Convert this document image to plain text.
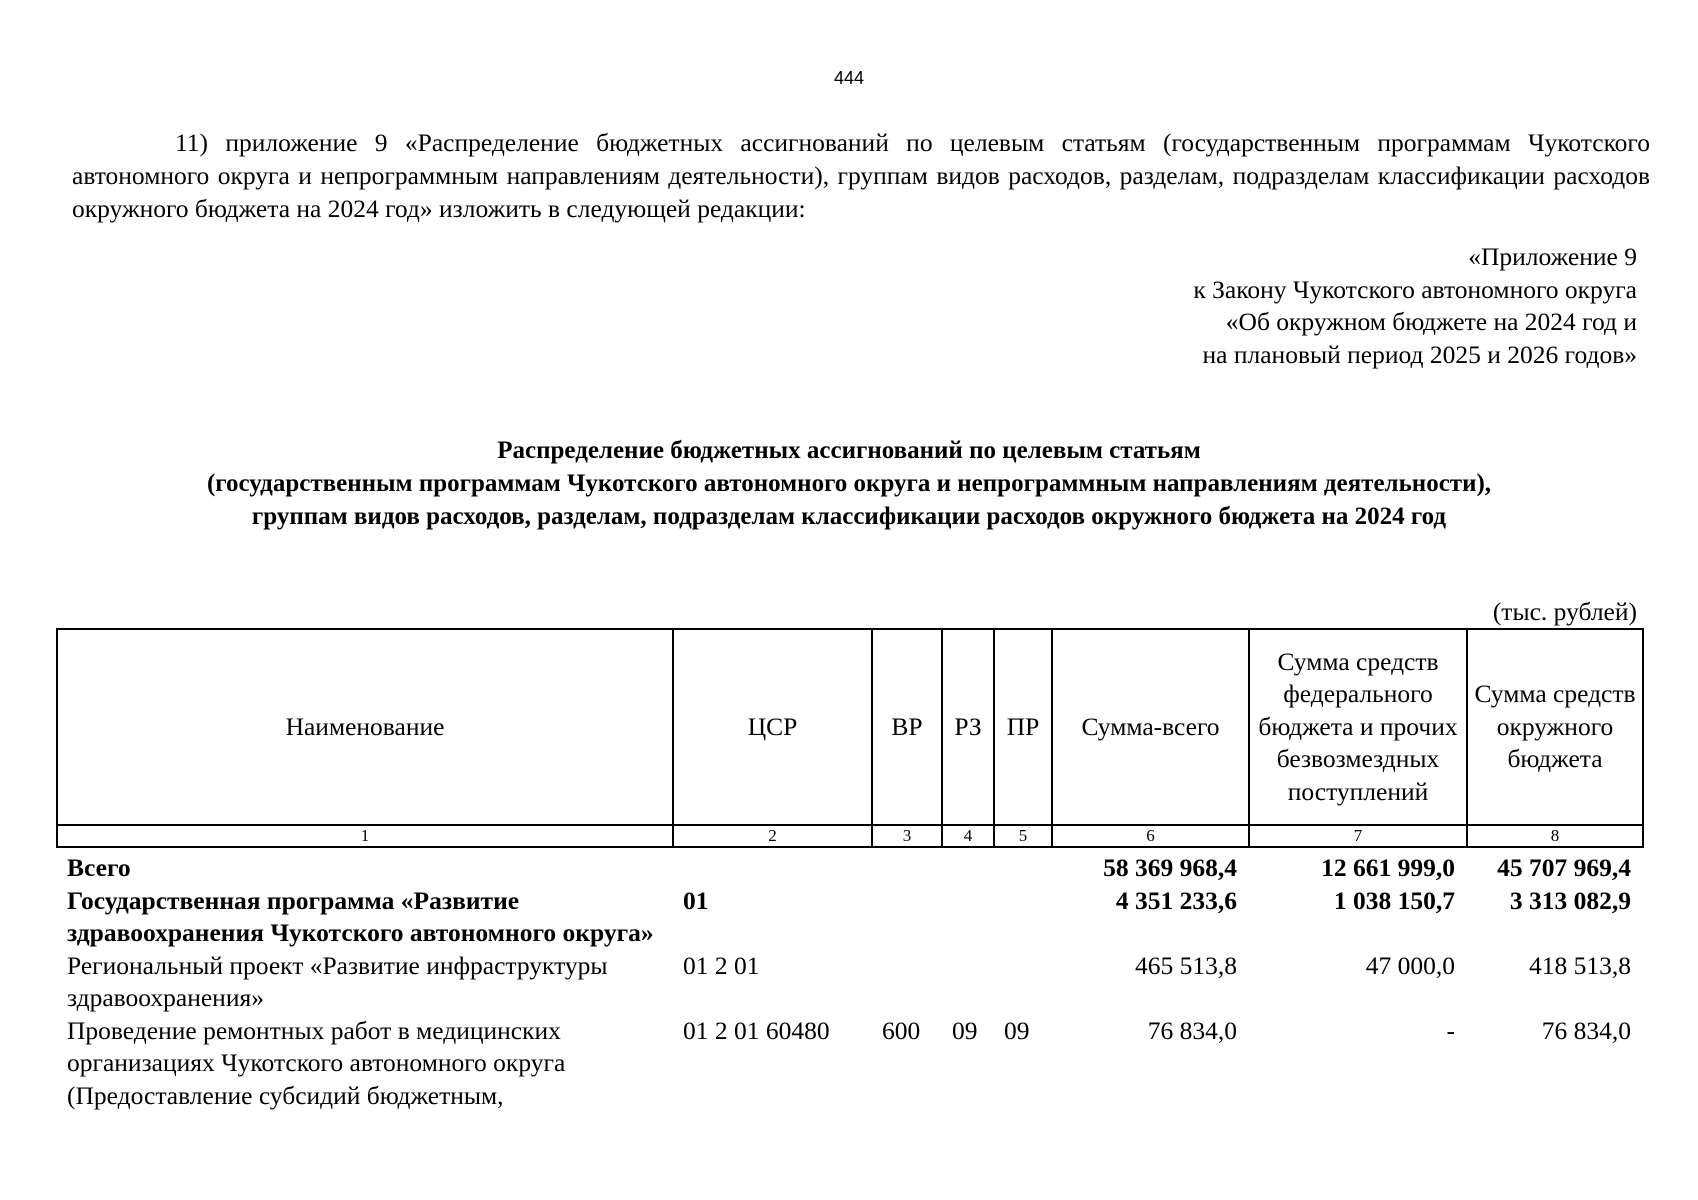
444
11) приложение 9 «Распределение бюджетных ассигнований по целевым статьям (государственным программам Чукотского автономного округа и непрограммным направлениям деятельности), группам видов расходов, разделам, подразделам классификации расходов окружного бюджета на 2024 год» изложить в следующей редакции:
«Приложение 9
к Закону Чукотского автономного округа
«Об окружном бюджете на 2024 год и
на плановый период 2025 и 2026 годов»
Распределение бюджетных ассигнований по целевым статьям
(государственным программам Чукотского автономного округа и непрограммным направлениям деятельности),
группам видов расходов, разделам, подразделам классификации расходов окружного бюджета на 2024 год
(тыс. рублей)
Наименование	ЦСР	ВР	РЗ	ПР	Сумма-всего	Сумма средств федерального бюджета и прочих безвозмездных поступлений	Сумма средств окружного бюджета
1	2	3	4	5	6	7	8
Всего					58 369 968,4	12 661 999,0	45 707 969,4
Государственная программа «Развитие здравоохранения Чукотского автономного округа»	01				4 351 233,6	1 038 150,7	3 313 082,9
Региональный проект «Развитие инфраструктуры здравоохранения»	01 2 01				465 513,8	47 000,0	418 513,8
Проведение ремонтных работ в медицинских организациях Чукотского автономного округа (Предоставление субсидий бюджетным,	01 2 01 60480	600	09	09	76 834,0	-	76 834,0
